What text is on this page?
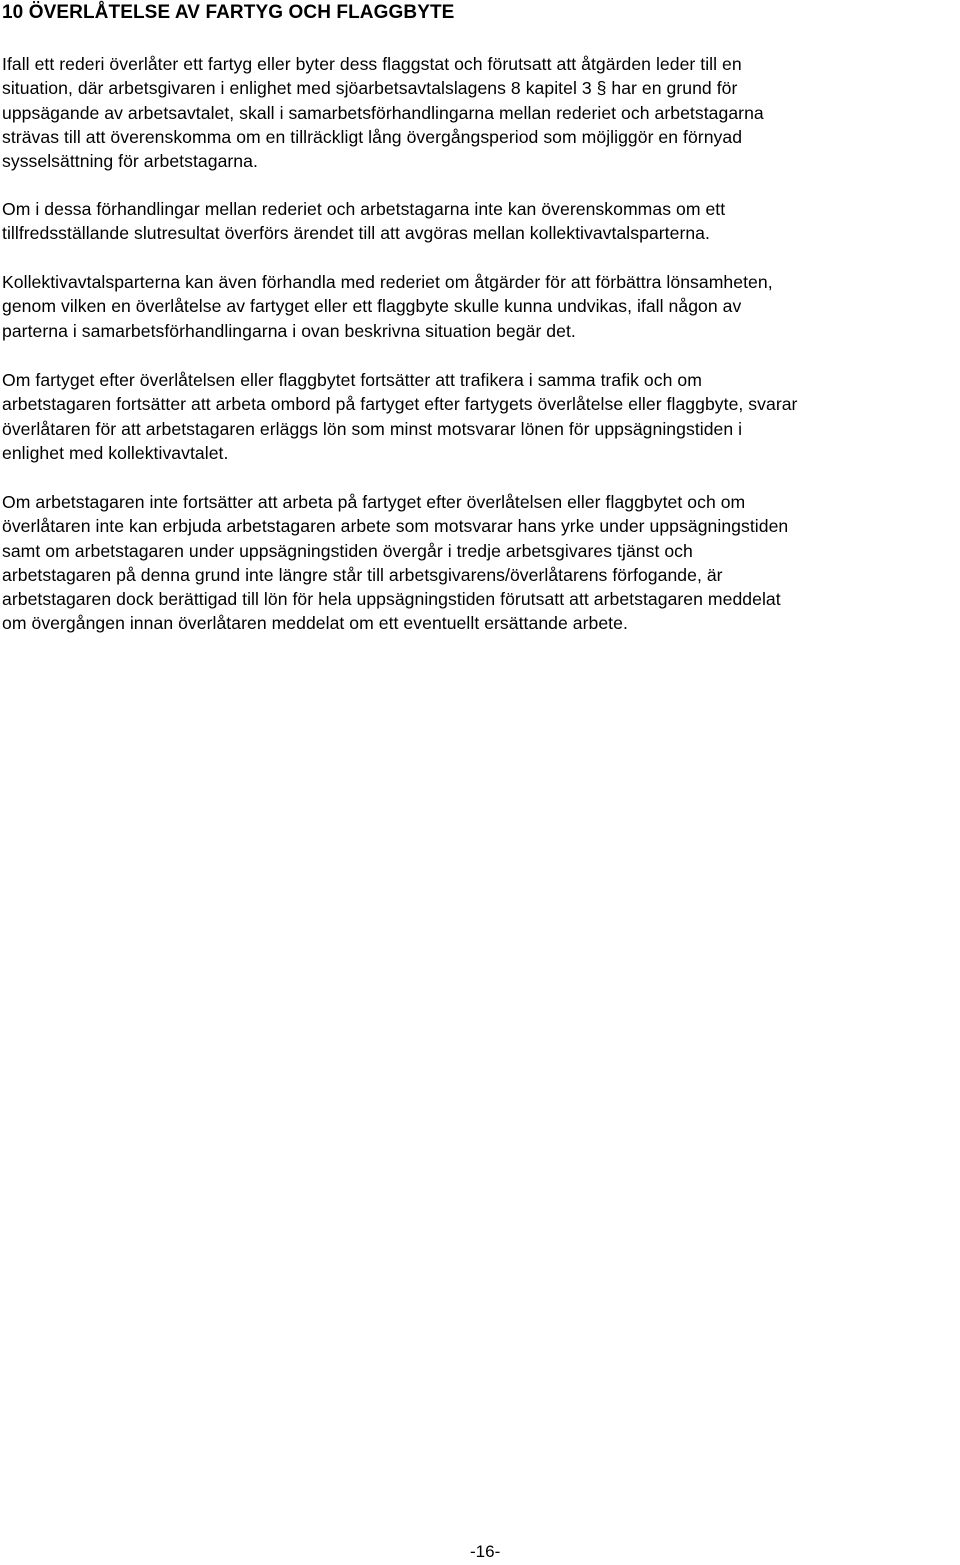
10 ÖVERLÅTELSE AV FARTYG OCH FLAGGBYTE

Ifall ett rederi överlåter ett fartyg eller byter dess flaggstat och förutsatt att åtgärden leder till en
situation, där arbetsgivaren i enlighet med sjöarbetsavtalslagens 8 kapitel 3 § har en grund för
uppsägande av arbetsavtalet, skall i samarbetsförhandlingarna mellan rederiet och arbetstagarna
strävas till att överenskomma om en tillräckligt lång övergångsperiod som möjliggör en förnyad
sysselsättning för arbetstagarna.

Om i dessa förhandlingar mellan rederiet och arbetstagarna inte kan överenskommas om ett
tillfredsställande slutresultat överförs ärendet till att avgöras mellan kollektivavtalsparterna.

Kollektivavtalsparterna kan även förhandla med rederiet om åtgärder för att förbättra lönsamheten,
genom vilken en överlåtelse av fartyget eller ett flaggbyte skulle kunna undvikas, ifall någon av
parterna i samarbetsförhandlingarna i ovan beskrivna situation begär det.

Om fartyget efter överlåtelsen eller flaggbytet fortsätter att trafikera i samma trafik och om
arbetstagaren fortsätter att arbeta ombord på fartyget efter fartygets överlåtelse eller flaggbyte, svarar
överlåtaren för att arbetstagaren erläggs lön som minst motsvarar lönen för uppsägningstiden i
enlighet med kollektivavtalet.

Om arbetstagaren inte fortsätter att arbeta på fartyget efter överlåtelsen eller flaggbytet och om
överlåtaren inte kan erbjuda arbetstagaren arbete som motsvarar hans yrke under uppsägningstiden
samt om arbetstagaren under uppsägningstiden övergår i tredje arbetsgivares tjänst och
arbetstagaren på denna grund inte längre står till arbetsgivarens/överlåtarens förfogande, är
arbetstagaren dock berättigad till lön för hela uppsägningstiden förutsatt att arbetstagaren meddelat
om övergången innan överlåtaren meddelat om ett eventuellt ersättande arbete.

-16-
